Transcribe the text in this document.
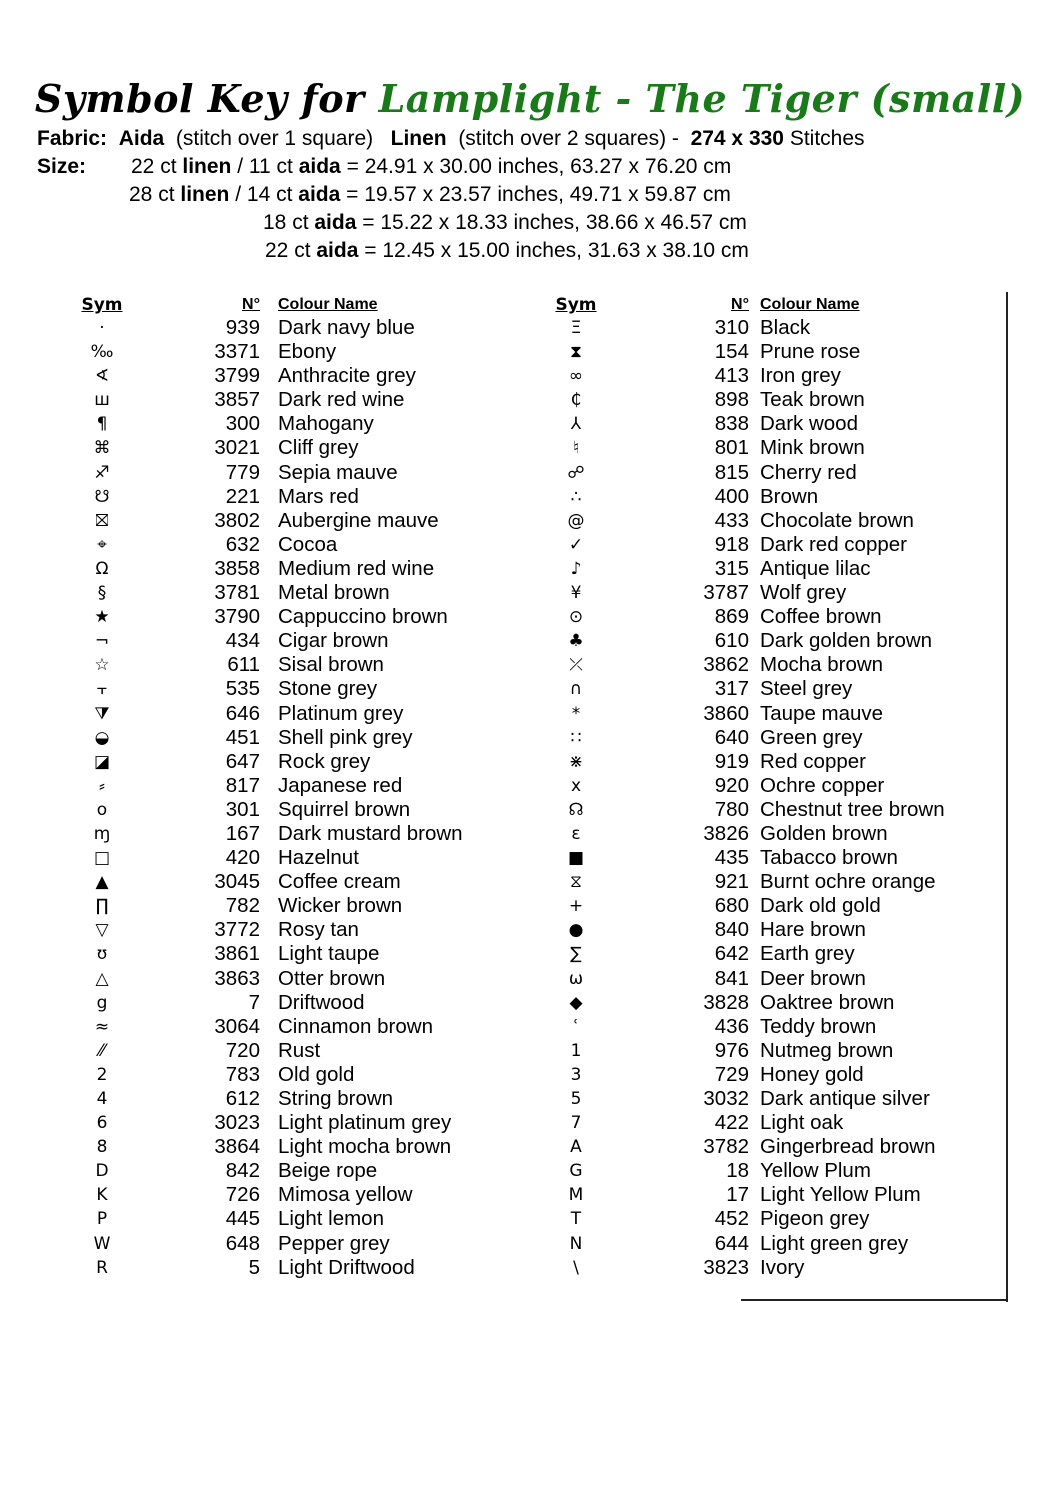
Symbol Key for Lamplight - The Tiger (small)
Fabric: Aida (stitch over 1 square) Linen (stitch over 2 squares) - 274 x 330 Stitches
Size: 22 ct linen / 11 ct aida = 24.91 x 30.00 inches, 63.27 x 76.20 cm
28 ct linen / 14 ct aida = 19.57 x 23.57 inches, 49.71 x 59.87 cm
18 ct aida = 15.22 x 18.33 inches, 38.66 x 46.57 cm
22 ct aida = 12.45 x 15.00 inches, 31.63 x 38.10 cm
Sym	N° Colour Name
·	939 Dark navy blue
‰	3371 Ebony
∢	3799 Anthracite grey
ш	3857 Dark red wine
¶	300 Mahogany
⌘	3021 Cliff grey
♐	779 Sepia mauve
☋	221 Mars red
⛝	3802 Aubergine mauve
⌖	632 Cocoa
Ω	3858 Medium red wine
§	3781 Metal brown
★	3790 Cappuccino brown
¬	434 Cigar brown
☆	611 Sisal brown
⫟	535 Stone grey
⧩	646 Platinum grey
◒	451 Shell pink grey
◪	647 Rock grey
⸗	817 Japanese red
o	301 Squirrel brown
ɱ	167 Dark mustard brown
□	420 Hazelnut
▲	3045 Coffee cream
∏	782 Wicker brown
▽	3772 Rosy tan
ʊ	3861 Light taupe
△	3863 Otter brown
g	7 Driftwood
≈	3064 Cinnamon brown
⁄⁄	720 Rust
2	783 Old gold
4	612 String brown
6	3023 Light platinum grey
8	3864 Light mocha brown
D	842 Beige rope
K	726 Mimosa yellow
P	445 Light lemon
W	648 Pepper grey
R	5 Light Driftwood
Sym	N° Colour Name
Ξ	310 Black
⧗	154 Prune rose
∞	413 Iron grey
₵	898 Teak brown
⅄	838 Dark wood
♮	801 Mink brown
☍	815 Cherry red
∴	400 Brown
@	433 Chocolate brown
✓	918 Dark red copper
♪	315 Antique lilac
¥	3787 Wolf grey
⊙	869 Coffee brown
♣	610 Dark golden brown
⤫	3862 Mocha brown
∩	317 Steel grey
*	3860 Taupe mauve
∷	640 Green grey
⋇	919 Red copper
x	920 Ochre copper
☊	780 Chestnut tree brown
ɛ	3826 Golden brown
■	435 Tabacco brown
⧖	921 Burnt ochre orange
+	680 Dark old gold
●	840 Hare brown
∑	642 Earth grey
ω	841 Deer brown
◆	3828 Oaktree brown
ʿ	436 Teddy brown
1	976 Nutmeg brown
3	729 Honey gold
5	3032 Dark antique silver
7	422 Light oak
A	3782 Gingerbread brown
G	18 Yellow Plum
M	17 Light Yellow Plum
T	452 Pigeon grey
N	644 Light green grey
\	3823 Ivory
